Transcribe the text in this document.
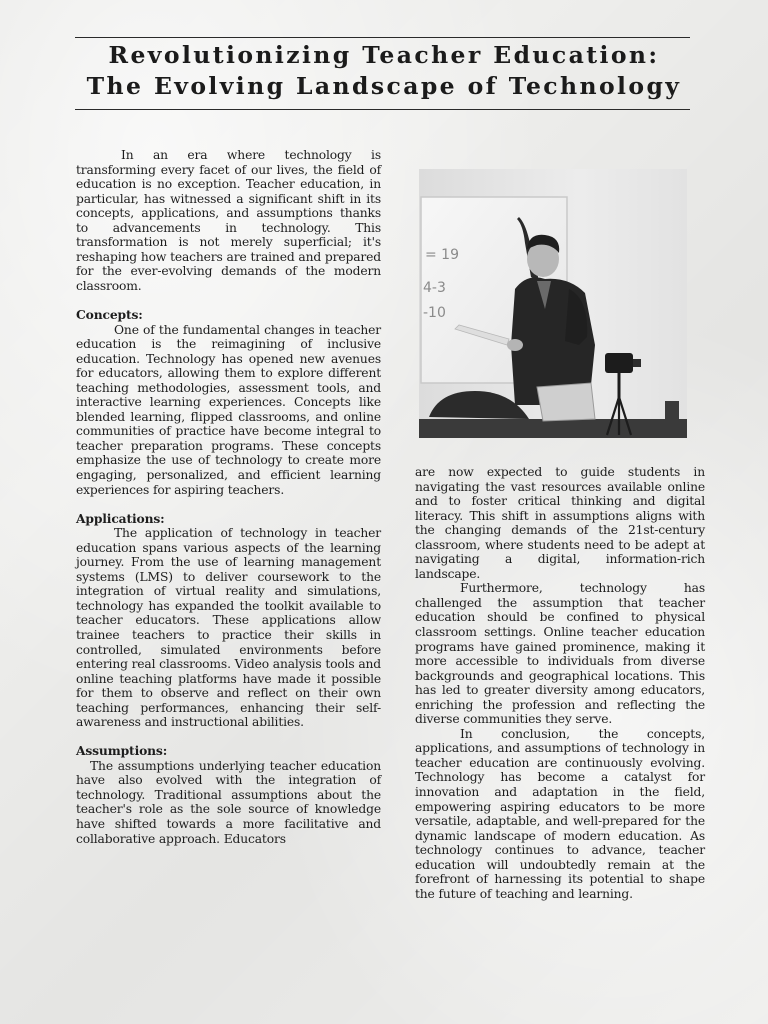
Revolutionizing Teacher Education:
The Evolving Landscape of Technology

In an era where technology is transforming every facet of our lives, the field of education is no exception. Teacher education, in particular, has witnessed a significant shift in its concepts, applications, and assumptions thanks to advancements in technology. This transformation is not merely superficial; it's reshaping how teachers are trained and prepared for the ever-evolving demands of the modern classroom.

Concepts:

One of the fundamental changes in teacher education is the reimagining of inclusive education. Technology has opened new avenues for educators, allowing them to explore different teaching methodologies, assessment tools, and interactive learning experiences. Concepts like blended learning, flipped classrooms, and online communities of practice have become integral to teacher preparation programs. These concepts emphasize the use of technology to create more engaging, personalized, and efficient learning experiences for aspiring teachers.

Applications:

The application of technology in teacher education spans various aspects of the learning journey. From the use of learning management systems (LMS) to deliver coursework to the integration of virtual reality and simulations, technology has expanded the toolkit available to teacher educators. These applications allow trainee teachers to practice their skills in controlled, simulated environments before entering real classrooms. Video analysis tools and online teaching platforms have made it possible for them to observe and reflect on their own teaching performances, enhancing their self-awareness and instructional abilities.

Assumptions:

The assumptions underlying teacher education have also evolved with the integration of technology. Traditional assumptions about the teacher's role as the sole source of knowledge have shifted towards a more facilitative and collaborative approach. Educators

= 19
4-3
-10

are now expected to guide students in navigating the vast resources available online and to foster critical thinking and digital literacy. This shift in assumptions aligns with the changing demands of the 21st-century classroom, where students need to be adept at navigating a digital, information-rich landscape.

Furthermore, technology has challenged the assumption that teacher education should be confined to physical classroom settings. Online teacher education programs have gained prominence, making it more accessible to individuals from diverse backgrounds and geographical locations. This has led to greater diversity among educators, enriching the profession and reflecting the diverse communities they serve.

In conclusion, the concepts, applications, and assumptions of technology in teacher education are continuously evolving. Technology has become a catalyst for innovation and adaptation in the field, empowering aspiring educators to be more versatile, adaptable, and well-prepared for the dynamic landscape of modern education. As technology continues to advance, teacher education will undoubtedly remain at the forefront of harnessing its potential to shape the future of teaching and learning.
